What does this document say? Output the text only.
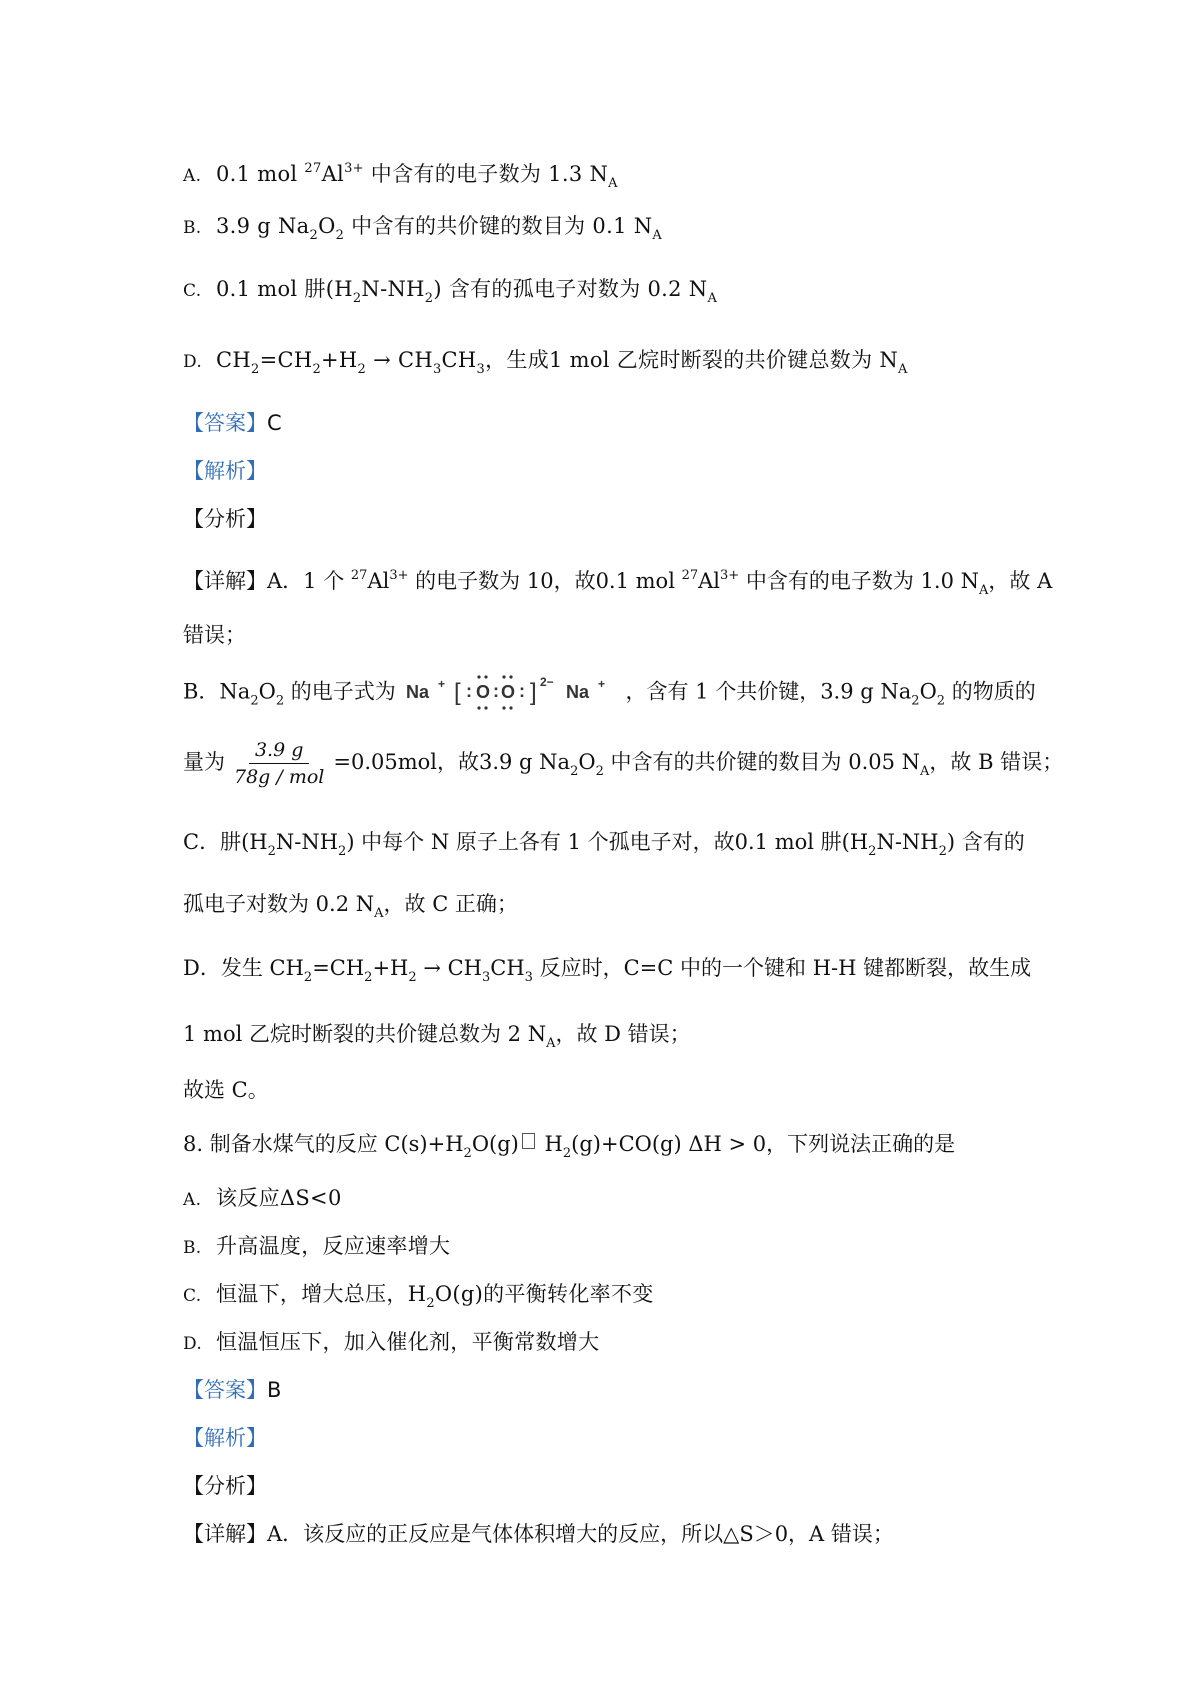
A. 0.1 mol $^{27}Al^{3+}$ 中含有的电子数为 1.3 $N_A$
B. 3.9 g $Na_2O_2$ 中含有的共价键的数目为 0.1 $N_A$
C. 0.1 mol 肼$(H_2N-NH_2)$ 含有的孤电子对数为 0.2 $N_A$
D. $CH_2=CH_2+H_2 \to CH_3CH_3$，生成1 mol 乙烷时断裂的共价键总数为 $N_A$
【答案】C
【解析】
【分析】
【详解】A．1 个 $^{27}Al^{3+}$ 的电子数为 10，故0.1 mol $^{27}Al^{3+}$ 中含有的电子数为 1.0 $N_A$，故 A
错误；
B．$Na_2O_2$ 的电子式为 Na + [ : O : O : ] 2− Na + ，含有 1 个共价键，3.9 g $Na_2O_2$ 的物质的
量为 $\frac{3.9 g}{\text{78g / mol}} =0.05mol$，故3.9 g $Na_2O_2$ 中含有的共价键的数目为 0.05 $N_A$，故 B 错误；
C．肼$(H_2N-NH_2)$ 中每个 N 原子上各有 1 个孤电子对，故0.1 mol 肼$(H_2N-NH_2)$ 含有的
孤电子对数为 0.2 $N_A$，故 C 正确；
D．发生 $CH_2=CH_2+H_2 \to CH_3CH_3$ 反应时，C=C 中的一个键和 H-H 键都断裂，故生成
1 mol 乙烷时断裂的共价键总数为 2 $N_A$，故 D 错误；
故选 C。
8. 制备水煤气的反应 $C(s)+H_2O(g)$ $H_2(g)+CO(g) \Delta H > 0$，下列说法正确的是
A. 该反应ΔS<0
B. 升高温度，反应速率增大
C. 恒温下，增大总压，$H_2O(g)$的平衡转化率不变
D. 恒温恒压下，加入催化剂，平衡常数增大
【答案】B
【解析】
【分析】
【详解】A．该反应的正反应是气体体积增大的反应，所以△S＞0，A 错误；
